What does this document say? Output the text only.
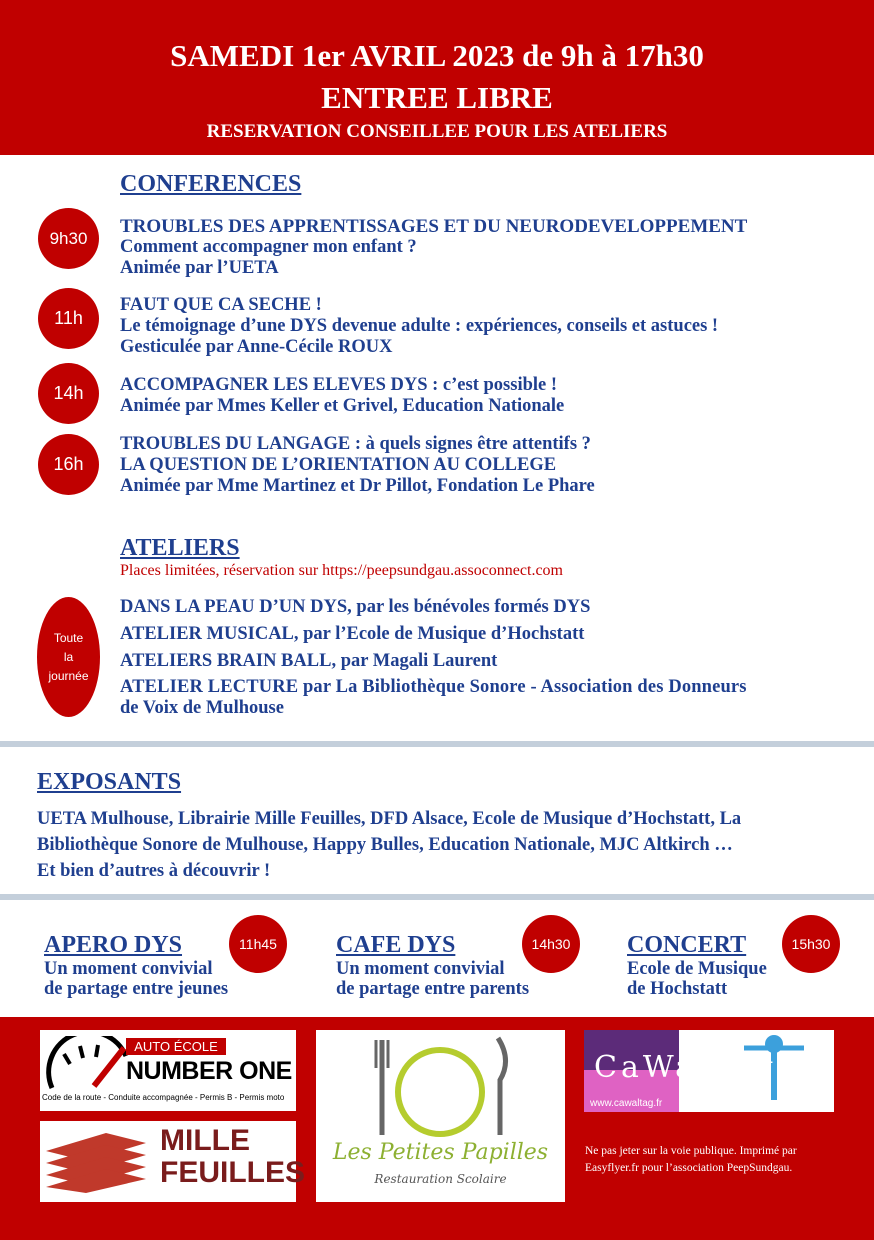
SAMEDI 1er AVRIL 2023 de 9h à 17h30
ENTREE LIBRE
RESERVATION CONSEILLEE POUR LES ATELIERS
CONFERENCES
9h30
TROUBLES DES APPRENTISSAGES ET DU NEURODEVELOPPEMENT
Comment accompagner mon enfant ?
Animée par l’UETA
11h
FAUT QUE CA SECHE !
Le témoignage d’une DYS devenue adulte : expériences, conseils et astuces !
Gesticulée par Anne-Cécile ROUX
14h	ACCOMPAGNER LES ELEVES DYS : c’est possible !
Animée par Mmes Keller et Grivel, Education Nationale
16h
TROUBLES DU LANGAGE : à quels signes être attentifs ?
LA QUESTION DE L’ORIENTATION AU COLLEGE
Animée par Mme Martinez et Dr Pillot, Fondation Le Phare
ATELIERS
Places limitées, réservation sur https://peepsundgau.assoconnect.com
Toute
la
journée
DANS LA PEAU D’UN DYS, par les bénévoles formés DYS
ATELIER MUSICAL, par l’Ecole de Musique d’Hochstatt
ATELIERS BRAIN BALL, par Magali Laurent
ATELIER LECTURE par La Bibliothèque Sonore - Association des Donneurs
de Voix de Mulhouse
EXPOSANTS
UETA Mulhouse, Librairie Mille Feuilles, DFD Alsace, Ecole de Musique d’Hochstatt, La
Bibliothèque Sonore de Mulhouse, Happy Bulles, Education Nationale, MJC Altkirch …
Et bien d’autres à découvrir !
APERO DYS
Un moment convivial
de partage entre jeunes
11h45	CAFE DYS
Un moment convivial
de partage entre parents
14h30	CONCERT
Ecole de Musique
de Hochstatt
15h30
AUTO ÉCOLE
NUMBER ONE
Code de la route - Conduite accompagnée - Permis B - Permis moto
MILLE
FEUILLES
Les Petites Papilles
Restauration Scolaire
CaWalTag
www.cawaltag.fr
Ne pas jeter sur la voie publique. Imprimé par
Easyflyer.fr pour l’association PeepSundgau.
